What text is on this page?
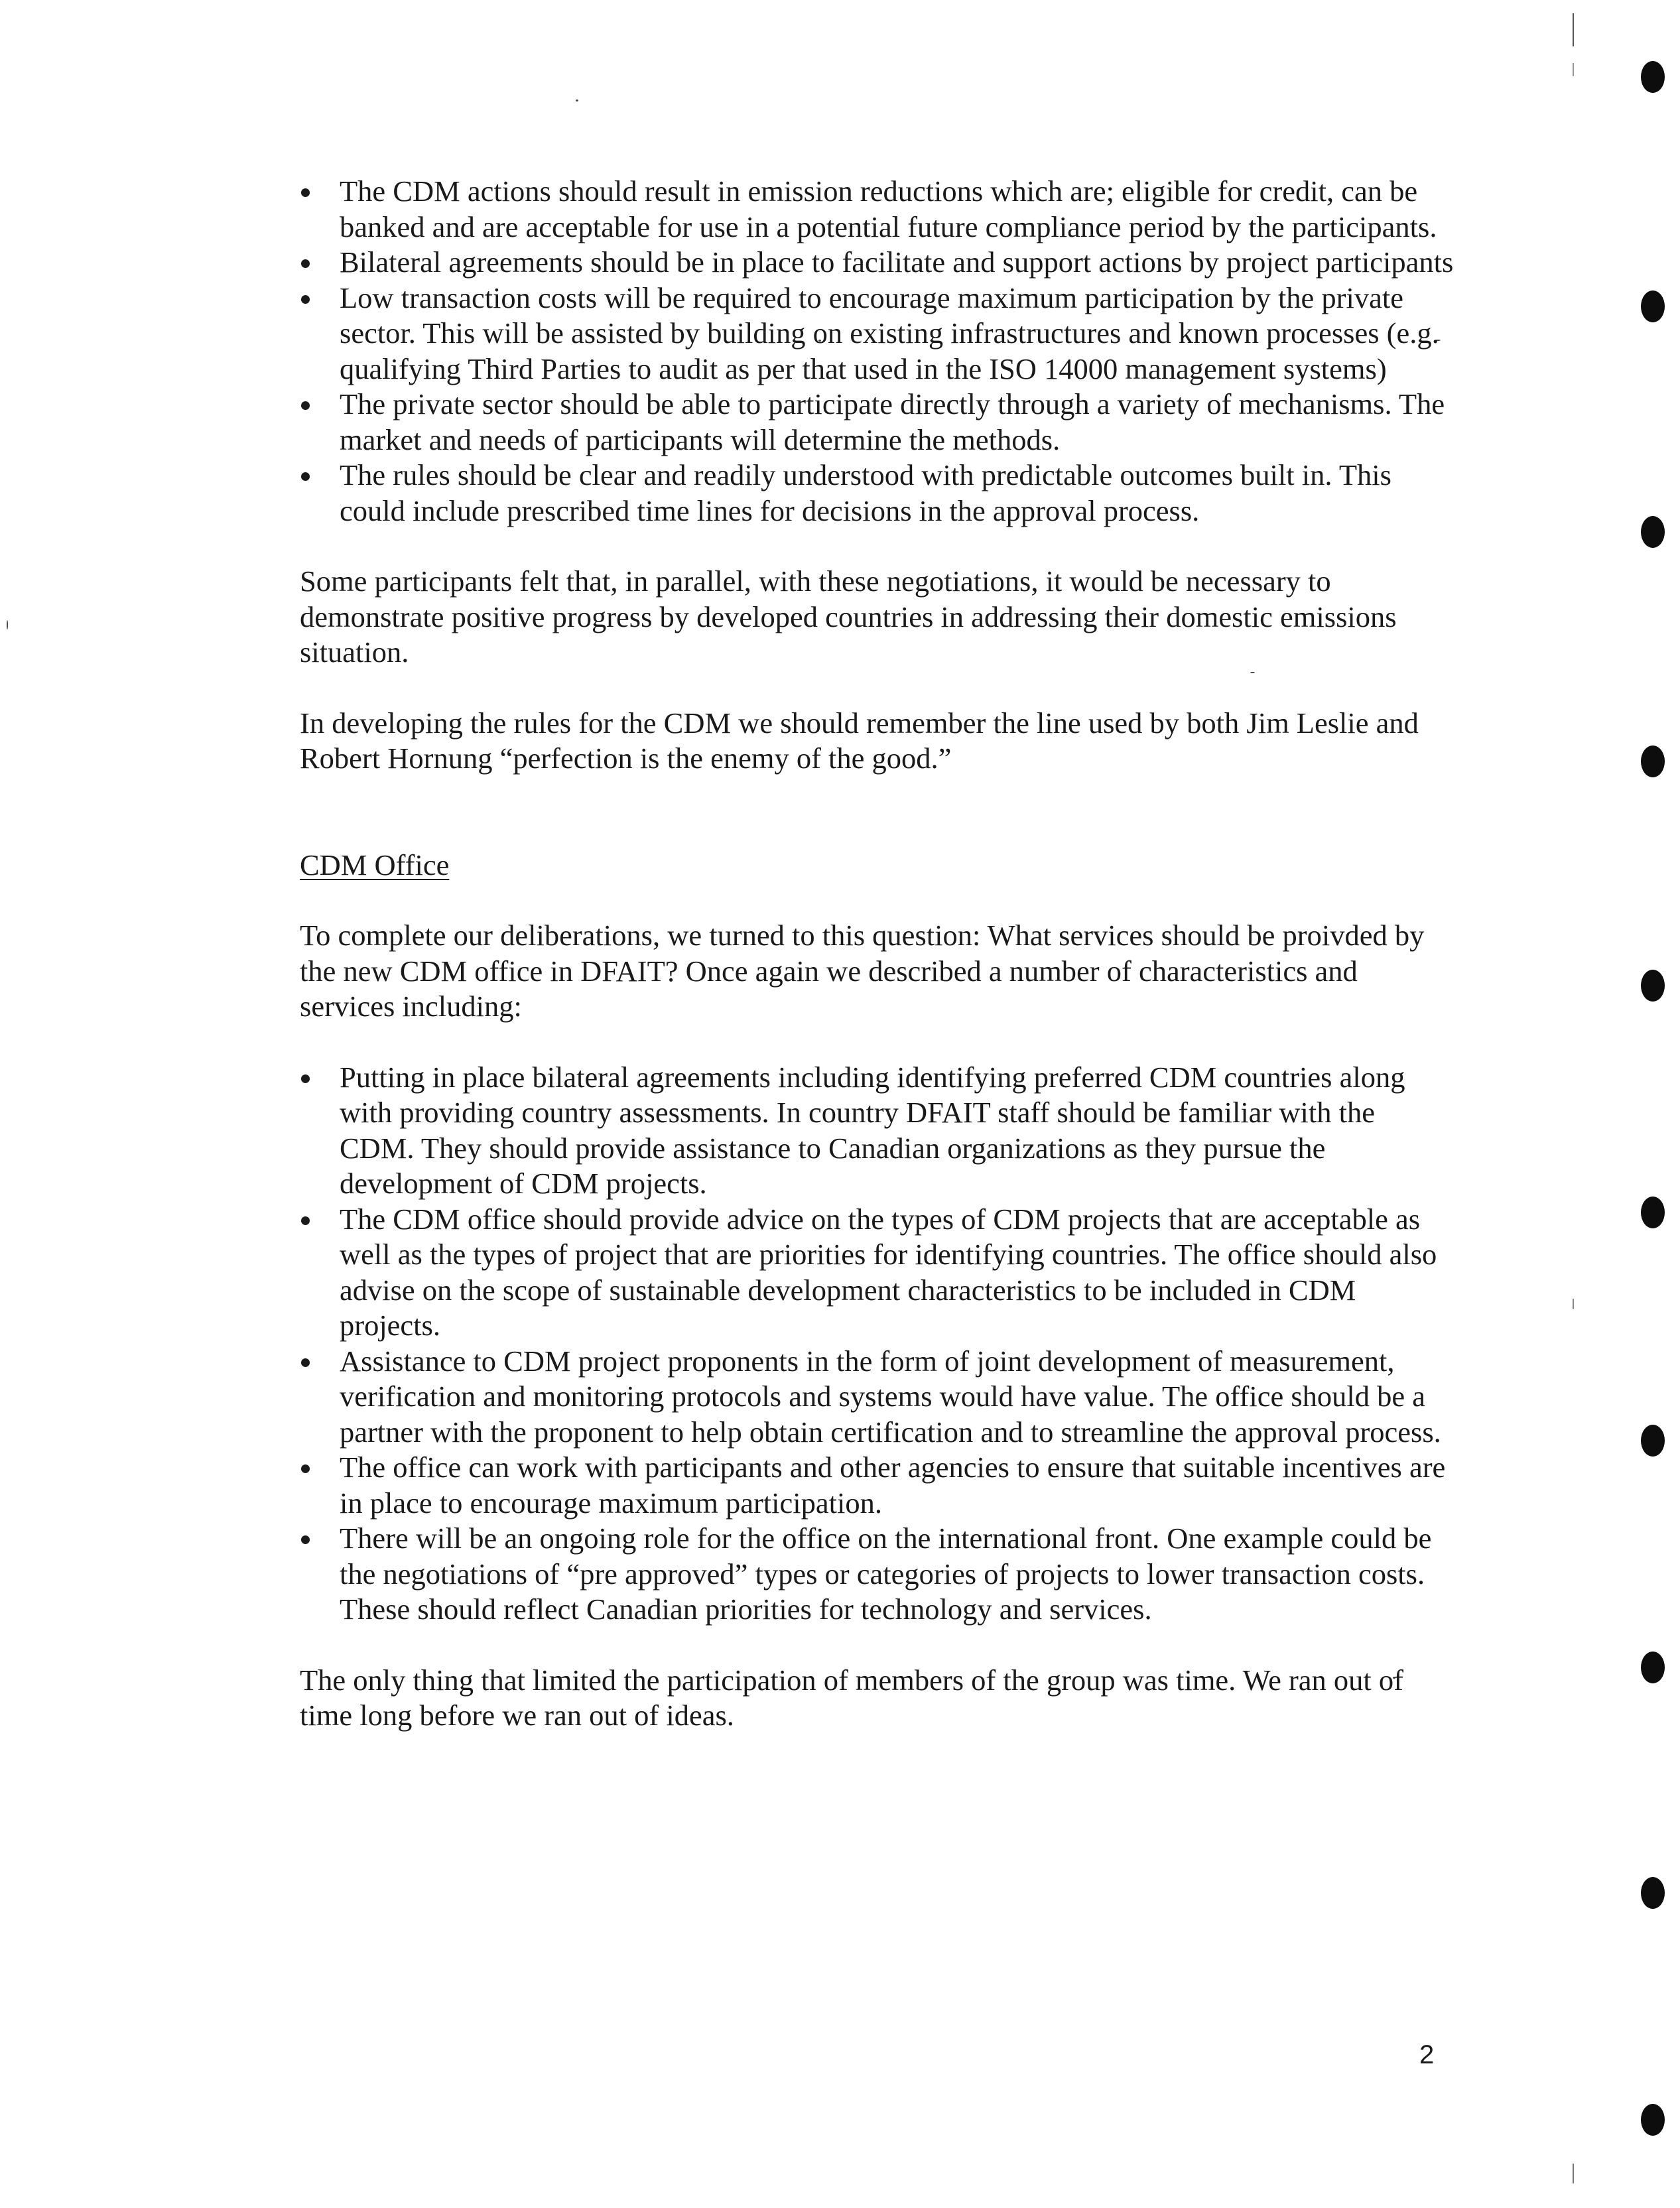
The CDM actions should result in emission reductions which are; eligible for credit, can be banked and are acceptable for use in a potential future compliance period by the participants.
Bilateral agreements should be in place to facilitate and support actions by project participants
Low transaction costs will be required to encourage maximum participation by the private sector. This will be assisted by building on existing infrastructures and known processes (e.g. qualifying Third Parties to audit as per that used in the ISO 14000 management systems)
The private sector should be able to participate directly through a variety of mechanisms. The market and needs of participants will determine the methods.
The rules should be clear and readily understood with predictable outcomes built in. This could include prescribed time lines for decisions in the approval process.

Some participants felt that, in parallel, with these negotiations, it would be necessary to demonstrate positive progress by developed countries in addressing their domestic emissions situation.

In developing the rules for the CDM we should remember the line used by both Jim Leslie and Robert Hornung “perfection is the enemy of the good.”

CDM Office

To complete our deliberations, we turned to this question: What services should be proivded by the new CDM office in DFAIT? Once again we described a number of characteristics and services including:

Putting in place bilateral agreements including identifying preferred CDM countries along with providing country assessments. In country DFAIT staff should be familiar with the CDM. They should provide assistance to Canadian organizations as they pursue the development of CDM projects.
The CDM office should provide advice on the types of CDM projects that are acceptable as well as the types of project that are priorities for identifying countries. The office should also advise on the scope of sustainable development characteristics to be included in CDM projects.
Assistance to CDM project proponents in the form of joint development of measurement, verification and monitoring protocols and systems would have value. The office should be a partner with the proponent to help obtain certification and to streamline the approval process.
The office can work with participants and other agencies to ensure that suitable incentives are in place to encourage maximum participation.
There will be an ongoing role for the office on the international front. One example could be the negotiations of “pre approved” types or categories of projects to lower transaction costs. These should reflect Canadian priorities for technology and services.

The only thing that limited the participation of members of the group was time. We ran out of time long before we ran out of ideas.

2
